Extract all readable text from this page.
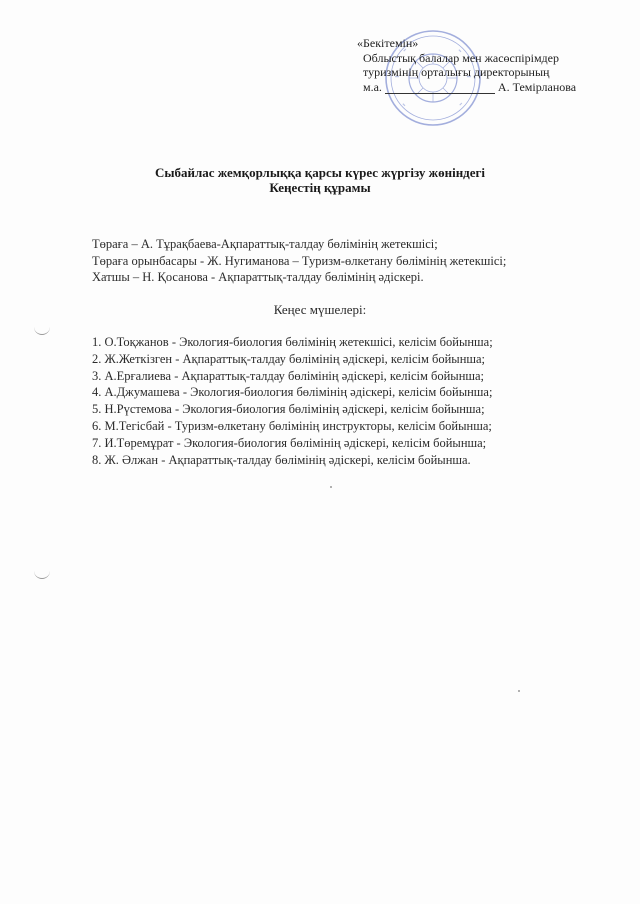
«Бекітемін»
Облыстық балалар мен жасөспірімдер
туризмінің орталығы директорының
м.а.	А. Темірланова
Сыбайлас жемқорлыққа қарсы күрес жүргізу жөніндегі
Кеңестің құрамы
Төраға – А. Тұрақбаева-Ақпараттық-талдау бөлімінің жетекшісі;
Төраға орынбасары - Ж. Нугиманова – Туризм-өлкетану бөлімінің жетекшісі;
Хатшы – Н. Қосанова - Ақпараттық-талдау бөлімінің әдіскері.
Кеңес мүшелері:
1. О.Тоқжанов - Экология-биология бөлімінің жетекшісі, келісім бойынша;
2. Ж.Жеткізген - Ақпараттық-талдау бөлімінің әдіскері, келісім бойынша;
3. А.Ерғалиева - Ақпараттық-талдау бөлімінің әдіскері, келісім бойынша;
4. А.Джумашева - Экология-биология бөлімінің әдіскері, келісім бойынша;
5. Н.Рүстемова - Экология-биология бөлімінің әдіскері, келісім бойынша;
6. М.Тегісбай - Туризм-өлкетану бөлімінің инструкторы, келісім бойынша;
7. И.Төремұрат - Экология-биология бөлімінің әдіскері, келісім бойынша;
8. Ж. Әлжан - Ақпараттық-талдау бөлімінің әдіскері, келісім бойынша.
